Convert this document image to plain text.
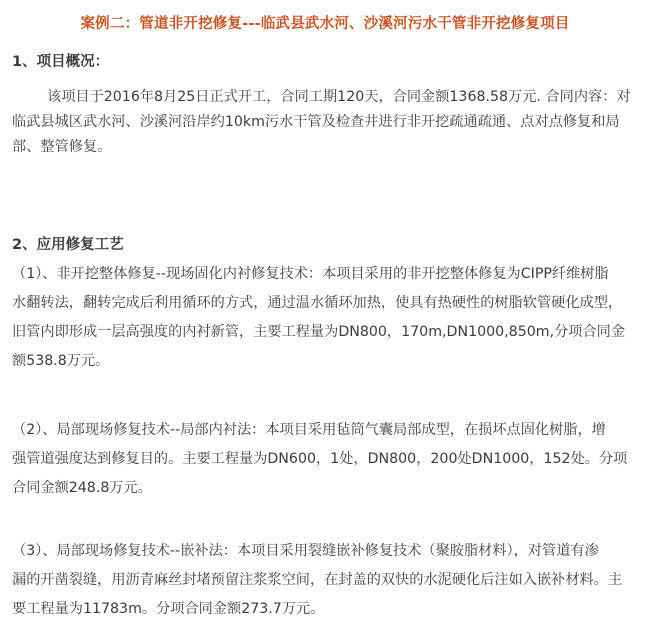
案例二：管道非开挖修复---临武县武水河、沙溪河污水干管非开挖修复项目
1、项目概况：
该项目于2016年8月25日正式开工，合同工期120天，合同金额1368.58万元. 合同内容：对
临武县城区武水河、沙溪河沿岸约10km污水干管及检查井进行非开挖疏通疏通、点对点修复和局
部、整管修复。
2、应用修复工艺
（1）、非开挖整体修复--现场固化内衬修复技术：本项目采用的非开挖整体修复为CIPP纤维树脂
水翻转法，翻转完成后利用循环的方式，通过温水循环加热，使具有热硬性的树脂软管硬化成型，
旧管内即形成一层高强度的内衬新管，主要工程量为DN800，170m,DN1000,850m,分项合同金
额538.8万元。
（2）、局部现场修复技术--局部内衬法：本项目采用毡筒气囊局部成型，在损坏点固化树脂，增
强管道强度达到修复目的。主要工程量为DN600，1处，DN800，200处DN1000，152处。分项
合同金额248.8万元。
（3）、局部现场修复技术--嵌补法：本项目采用裂缝嵌补修复技术（聚胺脂材料），对管道有渗
漏的开凿裂缝，用沥青麻丝封堵预留注浆浆空间，在封盖的双快的水泥硬化后注如入嵌补材料。主
要工程量为11783m。分项合同金额273.7万元。
